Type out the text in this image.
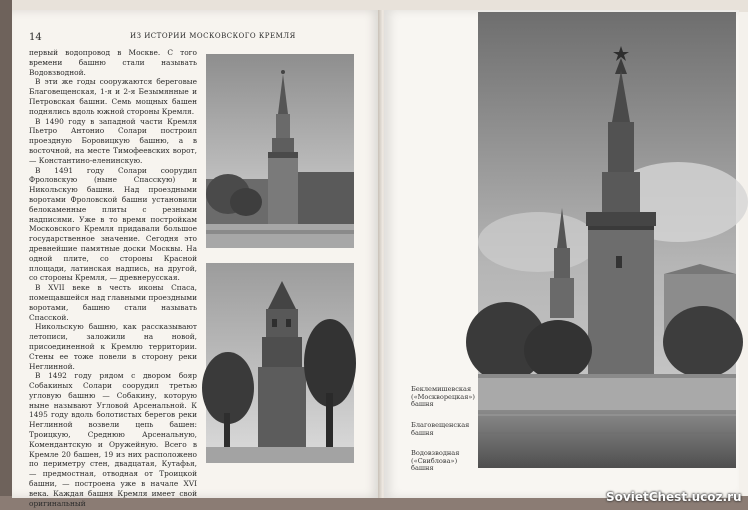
14	ИЗ ИСТОРИИ МОСКОВСКОГО КРЕМЛЯ

первый водопровод в Москве. С того времени башню стали называть Водовзводной.

В эти же годы сооружаются береговые Благовещенская, 1-я и 2-я Безымянные и Петровская башни. Семь мощных башен поднялись вдоль южной стороны Кремля.

В 1490 году в западной части Кремля Пьетро Антонио Солари построил проездную Боровицкую башню, а в восточной, на месте Тимофеевских ворот, — Константино-еленинскую.

В 1491 году Солари соорудил Фроловскую (ныне Спасскую) и Никольскую башни. Над проездными воротами Фроловской башни установили белокаменные плиты с резными надписями. Уже в то время постройкам Московского Кремля придавали большое государственное значение. Сегодня это древнейшие памятные доски Москвы. На одной плите, со стороны Красной площади, латинская надпись, на другой, со стороны Кремля, — древнерусская.

В XVII веке в честь иконы Спаса, помещавшейся над главными проездными воротами, башню стали называть Спасской.

Никольскую башню, как рассказывают летописи, заложили на новой, присоединенной к Кремлю территории. Стены ее тоже повели в сторону реки Неглинной.

В 1492 году рядом с двором бояр Собакиных Солари соорудил третью угловую башню — Собакину, которую ныне называют Угловой Арсенальной. К 1495 году вдоль болотистых берегов реки Неглинной возвели цепь башен: Троицкую, Среднюю Арсенальную, Комендантскую и Оружейную. Всего в Кремле 20 башен, 19 из них расположено по периметру стен, двадцатая, Кутафья, — предмостная, отводная от Троицкой башни, — построена уже в начале XVI века. Каждая башня Кремля имеет свой оригинальный

Беклемишевская («Москворецкая») башня
Благовещенская башня
Водовзводная («Свиблова») башня
SovietChest.ucoz.ru
